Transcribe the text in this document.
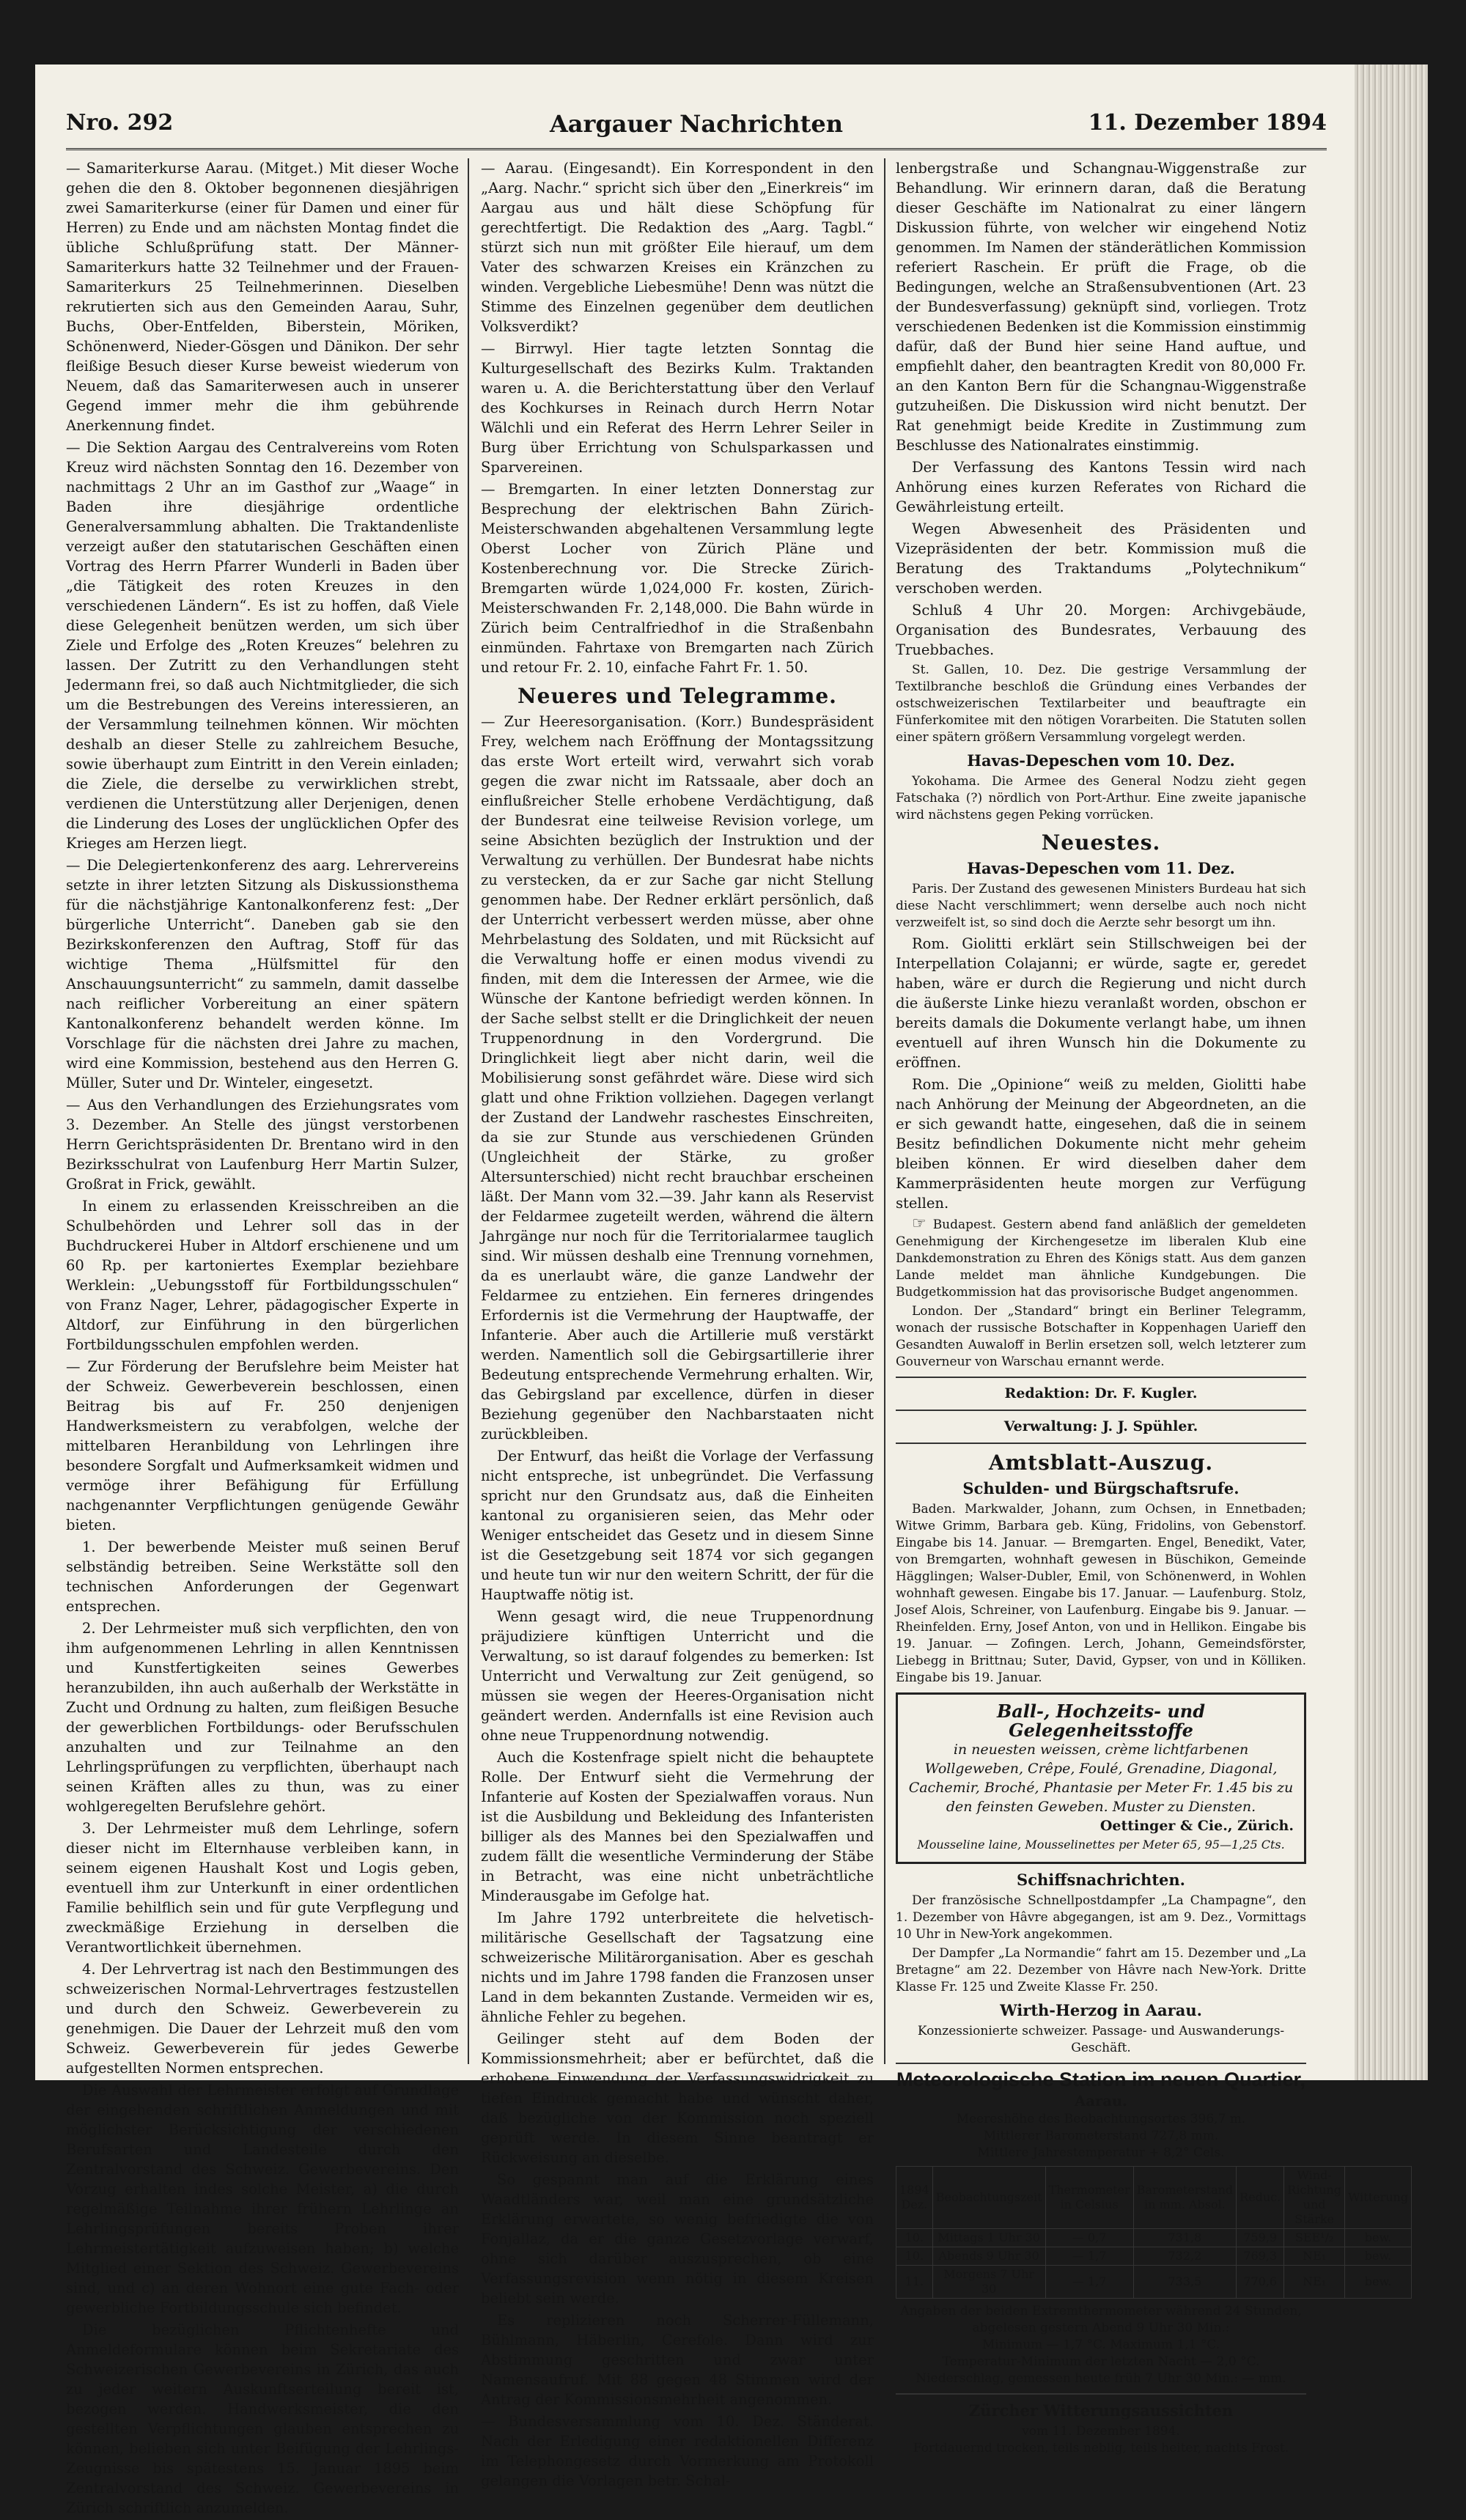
Aargauer Nachrichten
Nro. 292	11. Dezember 1894

— Samariterkurse Aarau. (Mitget.) Mit dieser Woche gehen die den 8. Oktober begonnenen diesjährigen zwei Samariterkurse (einer für Damen und einer für Herren) zu Ende und am nächsten Montag findet die übliche Schlußprüfung statt. Der Männer-Samariterkurs hatte 32 Teilnehmer und der Frauen-Samariterkurs 25 Teilnehmerinnen. Dieselben rekrutierten sich aus den Gemeinden Aarau, Suhr, Buchs, Ober-Entfelden, Biberstein, Möriken, Schönenwerd, Nieder-Gösgen und Dänikon. Der sehr fleißige Besuch dieser Kurse beweist wiederum von Neuem, daß das Samariterwesen auch in unserer Gegend immer mehr die ihm gebührende Anerkennung findet.

— Die Sektion Aargau des Centralvereins vom Roten Kreuz wird nächsten Sonntag den 16. Dezember von nachmittags 2 Uhr an im Gasthof zur „Waage“ in Baden ihre diesjährige ordentliche Generalversammlung abhalten. Die Traktandenliste verzeigt außer den statutarischen Geschäften einen Vortrag des Herrn Pfarrer Wunderli in Baden über „die Tätigkeit des roten Kreuzes in den verschiedenen Ländern“. Es ist zu hoffen, daß Viele diese Gelegenheit benützen werden, um sich über Ziele und Erfolge des „Roten Kreuzes“ belehren zu lassen. Der Zutritt zu den Verhandlungen steht Jedermann frei, so daß auch Nichtmitglieder, die sich um die Bestrebungen des Vereins interessieren, an der Versammlung teilnehmen können. Wir möchten deshalb an dieser Stelle zu zahlreichem Besuche, sowie überhaupt zum Eintritt in den Verein einladen; die Ziele, die derselbe zu verwirklichen strebt, verdienen die Unterstützung aller Derjenigen, denen die Linderung des Loses der unglücklichen Opfer des Krieges am Herzen liegt.

— Die Delegiertenkonferenz des aarg. Lehrervereins setzte in ihrer letzten Sitzung als Diskussionsthema für die nächstjährige Kantonalkonferenz fest: „Der bürgerliche Unterricht“. Daneben gab sie den Bezirkskonferenzen den Auftrag, Stoff für das wichtige Thema „Hülfsmittel für den Anschauungsunterricht“ zu sammeln, damit dasselbe nach reiflicher Vorbereitung an einer spätern Kantonalkonferenz behandelt werden könne. Im Vorschlage für die nächsten drei Jahre zu machen, wird eine Kommission, bestehend aus den Herren G. Müller, Suter und Dr. Winteler, eingesetzt.

— Aus den Verhandlungen des Erziehungsrates vom 3. Dezember. An Stelle des jüngst verstorbenen Herrn Gerichtspräsidenten Dr. Brentano wird in den Bezirksschulrat von Laufenburg Herr Martin Sulzer, Großrat in Frick, gewählt.

In einem zu erlassenden Kreisschreiben an die Schulbehörden und Lehrer soll das in der Buchdruckerei Huber in Altdorf erschienene und um 60 Rp. per kartoniertes Exemplar beziehbare Werklein: „Uebungsstoff für Fortbildungsschulen“ von Franz Nager, Lehrer, pädagogischer Experte in Altdorf, zur Einführung in den bürgerlichen Fortbildungsschulen empfohlen werden.

— Zur Förderung der Berufslehre beim Meister hat der Schweiz. Gewerbeverein beschlossen, einen Beitrag bis auf Fr. 250 denjenigen Handwerksmeistern zu verabfolgen, welche der mittelbaren Heranbildung von Lehrlingen ihre besondere Sorgfalt und Aufmerksamkeit widmen und vermöge ihrer Befähigung für Erfüllung nachgenannter Verpflichtungen genügende Gewähr bieten.

1. Der bewerbende Meister muß seinen Beruf selbständig betreiben. Seine Werkstätte soll den technischen Anforderungen der Gegenwart entsprechen.

2. Der Lehrmeister muß sich verpflichten, den von ihm aufgenommenen Lehrling in allen Kenntnissen und Kunstfertigkeiten seines Gewerbes heranzubilden, ihn auch außerhalb der Werkstätte in Zucht und Ordnung zu halten, zum fleißigen Besuche der gewerblichen Fortbildungs- oder Berufsschulen anzuhalten und zur Teilnahme an den Lehrlingsprüfungen zu verpflichten, überhaupt nach seinen Kräften alles zu thun, was zu einer wohlgeregelten Berufslehre gehört.

3. Der Lehrmeister muß dem Lehrlinge, sofern dieser nicht im Elternhause verbleiben kann, in seinem eigenen Haushalt Kost und Logis geben, eventuell ihm zur Unterkunft in einer ordentlichen Familie behilflich sein und für gute Verpflegung und zweckmäßige Erziehung in derselben die Verantwortlichkeit übernehmen.

4. Der Lehrvertrag ist nach den Bestimmungen des schweizerischen Normal-Lehrvertrages festzustellen und durch den Schweiz. Gewerbeverein zu genehmigen. Die Dauer der Lehrzeit muß den vom Schweiz. Gewerbeverein für jedes Gewerbe aufgestellten Normen entsprechen.

Die Auswahl der Lehrmeister erfolgt auf Grundlage der eingehenden schriftlichen Anmeldungen und mit möglichster Berücksichtigung der verschiedenen Berufsarten und Landesteile durch den Zentralvorstand des Schweiz. Gewerbevereins. Den Vorzug erhalten indes solche Meister, a) die durch regelmäßige Teilnahme ihrer frühern Lehrlinge an Lehrlingsprüfungen bereits Proben ihrer Lehrmeistertätigkeit aufzuweisen haben; b) welche Mitglied einer Sektion des Schweiz. Gewerbevereins sind, und c) an deren Wohnort eine gute Fach- oder gewerbliche Fortbildungsschule sich befindet.

Die bezüglichen Pflichtenhefte und Anmeldeformulare können beim Sekretariate des Schweizerischen Gewerbevereins in Zürich, das auch zu jeder weitern Auskunftserteilung bereit ist, bezogen werden. Handwerksmeister, die den gestellten Verpflichtungen glauben entsprechen zu können, belieben sich unter Beifügung der Lehrlings-Zeugnisse bis spätestens 15. Januar 1895 beim Zentralvorstand des Schweiz. Gewerbevereins in Zürich schriftlich anzumelden.

— Aarau. (Eingesandt). Ein Korrespondent in den „Aarg. Nachr.“ spricht sich über den „Einerkreis“ im Aargau aus und hält diese Schöpfung für gerechtfertigt. Die Redaktion des „Aarg. Tagbl.“ stürzt sich nun mit größter Eile hierauf, um dem Vater des schwarzen Kreises ein Kränzchen zu winden. Vergebliche Liebesmühe! Denn was nützt die Stimme des Einzelnen gegenüber dem deutlichen Volksverdikt?

— Birrwyl. Hier tagte letzten Sonntag die Kulturgesellschaft des Bezirks Kulm. Traktanden waren u. A. die Berichterstattung über den Verlauf des Kochkurses in Reinach durch Herrn Notar Wälchli und ein Referat des Herrn Lehrer Seiler in Burg über Errichtung von Schulsparkassen und Sparvereinen.

— Bremgarten. In einer letzten Donnerstag zur Besprechung der elektrischen Bahn Zürich-Meisterschwanden abgehaltenen Versammlung legte Oberst Locher von Zürich Pläne und Kostenberechnung vor. Die Strecke Zürich-Bremgarten würde 1,024,000 Fr. kosten, Zürich-Meisterschwanden Fr. 2,148,000. Die Bahn würde in Zürich beim Centralfriedhof in die Straßenbahn einmünden. Fahrtaxe von Bremgarten nach Zürich und retour Fr. 2. 10, einfache Fahrt Fr. 1. 50.

Neueres und Telegramme.

— Zur Heeresorganisation. (Korr.) Bundespräsident Frey, welchem nach Eröffnung der Montagssitzung das erste Wort erteilt wird, verwahrt sich vorab gegen die zwar nicht im Ratssaale, aber doch an einflußreicher Stelle erhobene Verdächtigung, daß der Bundesrat eine teilweise Revision vorlege, um seine Absichten bezüglich der Instruktion und der Verwaltung zu verhüllen. Der Bundesrat habe nichts zu verstecken, da er zur Sache gar nicht Stellung genommen habe. Der Redner erklärt persönlich, daß der Unterricht verbessert werden müsse, aber ohne Mehrbelastung des Soldaten, und mit Rücksicht auf die Verwaltung hoffe er einen modus vivendi zu finden, mit dem die Interessen der Armee, wie die Wünsche der Kantone befriedigt werden können. In der Sache selbst stellt er die Dringlichkeit der neuen Truppenordnung in den Vordergrund. Die Dringlichkeit liegt aber nicht darin, weil die Mobilisierung sonst gefährdet wäre. Diese wird sich glatt und ohne Friktion vollziehen. Dagegen verlangt der Zustand der Landwehr raschestes Einschreiten, da sie zur Stunde aus verschiedenen Gründen (Ungleichheit der Stärke, zu großer Altersunterschied) nicht recht brauchbar erscheinen läßt. Der Mann vom 32.—39. Jahr kann als Reservist der Feldarmee zugeteilt werden, während die ältern Jahrgänge nur noch für die Territorialarmee tauglich sind. Wir müssen deshalb eine Trennung vornehmen, da es unerlaubt wäre, die ganze Landwehr der Feldarmee zu entziehen. Ein ferneres dringendes Erfordernis ist die Vermehrung der Hauptwaffe, der Infanterie. Aber auch die Artillerie muß verstärkt werden. Namentlich soll die Gebirgsartillerie ihrer Bedeutung entsprechende Vermehrung erhalten. Wir, das Gebirgsland par excellence, dürfen in dieser Beziehung gegenüber den Nachbarstaaten nicht zurückbleiben.

Der Entwurf, das heißt die Vorlage der Verfassung nicht entspreche, ist unbegründet. Die Verfassung spricht nur den Grundsatz aus, daß die Einheiten kantonal zu organisieren seien, das Mehr oder Weniger entscheidet das Gesetz und in diesem Sinne ist die Gesetzgebung seit 1874 vor sich gegangen und heute tun wir nur den weitern Schritt, der für die Hauptwaffe nötig ist.

Wenn gesagt wird, die neue Truppenordnung präjudiziere künftigen Unterricht und die Verwaltung, so ist darauf folgendes zu bemerken: Ist Unterricht und Verwaltung zur Zeit genügend, so müssen sie wegen der Heeres-Organisation nicht geändert werden. Andernfalls ist eine Revision auch ohne neue Truppenordnung notwendig.

Auch die Kostenfrage spielt nicht die behauptete Rolle. Der Entwurf sieht die Vermehrung der Infanterie auf Kosten der Spezialwaffen voraus. Nun ist die Ausbildung und Bekleidung des Infanteristen billiger als des Mannes bei den Spezialwaffen und zudem fällt die wesentliche Verminderung der Stäbe in Betracht, was eine nicht unbeträchtliche Minderausgabe im Gefolge hat.

Im Jahre 1792 unterbreitete die helvetisch-militärische Gesellschaft der Tagsatzung eine schweizerische Militärorganisation. Aber es geschah nichts und im Jahre 1798 fanden die Franzosen unser Land in dem bekannten Zustande. Vermeiden wir es, ähnliche Fehler zu begehen.

Geilinger steht auf dem Boden der Kommissionsmehrheit; aber er befürchtet, daß die erhobene Einwendung der Verfassungswidrigkeit zu tiefen Eindruck gemacht habe und wünscht daher, daß bezügliche von der Kommission noch speziell geprüft werde. In diesem Sinne beantragt er Rückweisung an dieselbe.

So gespannt man auf die Erklärung eines Waadtländers war, weil man eine grundsätzliche Erklärung erwartete, so wenig befriedigte die von Fonjallaz, da er die ganze Gesetzvorlage verwarf, ohne sich darüber auszusprechen, ob eine Verfassungsrevision wenn nötig in diesem Kreisen beliebt sein werde.

Es replizieren noch Scherrer-Füllemann, Bühlmann, Häberlin, Cerefole. Dann wird zur Abstimmung geschritten und zwar unter Namensaufruf. Mit 88 gegen 48 Stimmen wird der Antrag der Kommissionsmehrheit angenommen.

— Bundesversammlung vom 10. Dez. Ständerat. Nach der Erledigung einer redaktionellen Differenz im Telephongesetz durch Vormerkung am Protokoll gelangen die Vorlagen betr. Schal-

lenbergstraße und Schangnau-Wiggenstraße zur Behandlung. Wir erinnern daran, daß die Beratung dieser Geschäfte im Nationalrat zu einer längern Diskussion führte, von welcher wir eingehend Notiz genommen. Im Namen der ständerätlichen Kommission referiert Raschein. Er prüft die Frage, ob die Bedingungen, welche an Straßensubventionen (Art. 23 der Bundesverfassung) geknüpft sind, vorliegen. Trotz verschiedenen Bedenken ist die Kommission einstimmig dafür, daß der Bund hier seine Hand auftue, und empfiehlt daher, den beantragten Kredit von 80,000 Fr. an den Kanton Bern für die Schangnau-Wiggenstraße gutzuheißen. Die Diskussion wird nicht benutzt. Der Rat genehmigt beide Kredite in Zustimmung zum Beschlusse des Nationalrates einstimmig.

Der Verfassung des Kantons Tessin wird nach Anhörung eines kurzen Referates von Richard die Gewährleistung erteilt.

Wegen Abwesenheit des Präsidenten und Vizepräsidenten der betr. Kommission muß die Beratung des Traktandums „Polytechnikum“ verschoben werden.

Schluß 4 Uhr 20. Morgen: Archivgebäude, Organisation des Bundesrates, Verbauung des Truebbaches.

St. Gallen, 10. Dez. Die gestrige Versammlung der Textilbranche beschloß die Gründung eines Verbandes der ostschweizerischen Textilarbeiter und beauftragte ein Fünferkomitee mit den nötigen Vorarbeiten. Die Statuten sollen einer spätern größern Versammlung vorgelegt werden.

Havas-Depeschen vom 10. Dez.

Yokohama. Die Armee des General Nodzu zieht gegen Fatschaka (?) nördlich von Port-Arthur. Eine zweite japanische wird nächstens gegen Peking vorrücken.

Neuestes.
Havas-Depeschen vom 11. Dez.

Paris. Der Zustand des gewesenen Ministers Burdeau hat sich diese Nacht verschlimmert; wenn derselbe auch noch nicht verzweifelt ist, so sind doch die Aerzte sehr besorgt um ihn.

Rom. Giolitti erklärt sein Stillschweigen bei der Interpellation Colajanni; er würde, sagte er, geredet haben, wäre er durch die Regierung und nicht durch die äußerste Linke hiezu veranlaßt worden, obschon er bereits damals die Dokumente verlangt habe, um ihnen eventuell auf ihren Wunsch hin die Dokumente zu eröffnen.

Rom. Die „Opinione“ weiß zu melden, Giolitti habe nach Anhörung der Meinung der Abgeordneten, an die er sich gewandt hatte, eingesehen, daß die in seinem Besitz befindlichen Dokumente nicht mehr geheim bleiben können. Er wird dieselben daher dem Kammerpräsidenten heute morgen zur Verfügung stellen.

☞ Budapest. Gestern abend fand anläßlich der gemeldeten Genehmigung der Kirchengesetze im liberalen Klub eine Dankdemonstration zu Ehren des Königs statt. Aus dem ganzen Lande meldet man ähnliche Kundgebungen. Die Budgetkommission hat das provisorische Budget angenommen.

London. Der „Standard“ bringt ein Berliner Telegramm, wonach der russische Botschafter in Koppenhagen Uarieff den Gesandten Auwaloff in Berlin ersetzen soll, welch letzterer zum Gouverneur von Warschau ernannt werde.

Redaktion: Dr. F. Kugler.
Verwaltung: J. J. Spühler.
Amtsblatt-Auszug.
Schulden- und Bürgschaftsrufe.

Baden. Markwalder, Johann, zum Ochsen, in Ennetbaden; Witwe Grimm, Barbara geb. Küng, Fridolins, von Gebenstorf. Eingabe bis 14. Januar. — Bremgarten. Engel, Benedikt, Vater, von Bremgarten, wohnhaft gewesen in Büschikon, Gemeinde Hägglingen; Walser-Dubler, Emil, von Schönenwerd, in Wohlen wohnhaft gewesen. Eingabe bis 17. Januar. — Laufenburg. Stolz, Josef Alois, Schreiner, von Laufenburg. Eingabe bis 9. Januar. — Rheinfelden. Erny, Josef Anton, von und in Hellikon. Eingabe bis 19. Januar. — Zofingen. Lerch, Johann, Gemeindsförster, Liebegg in Brittnau; Suter, David, Gypser, von und in Kölliken. Eingabe bis 19. Januar.

Ball-, Hochzeits- und Gelegenheitsstoffe
in neuesten weissen, crème lichtfarbenen Wollgeweben, Crêpe, Foulé, Grenadine, Diagonal, Cachemir, Broché, Phantasie per Meter Fr. 1.45 bis zu den feinsten Geweben. Muster zu Diensten.
Oettinger & Cie., Zürich.
Mousseline laine, Mousselinettes per Meter 65, 95—1,25 Cts.
Schiffsnachrichten.

Der französische Schnellpostdampfer „La Champagne“, den 1. Dezember von Hâvre abgegangen, ist am 9. Dez., Vormittags 10 Uhr in New-York angekommen.

Der Dampfer „La Normandie“ fahrt am 15. Dezember und „La Bretagne“ am 22. Dezember von Hâvre nach New-York. Dritte Klasse Fr. 125 und Zweite Klasse Fr. 250.

Wirth-Herzog in Aarau.
Konzessionierte schweizer. Passage- und Auswanderungs-Geschäft.
Meteorologische Station im neuen Quartier,
Aarau.
Meereshöhe des Beobachtungsortes 396,7 m.
Mittlerer Barometerstand 727,8 mm.
Mittlere Jahrestemperatur + 8,2° Cels.
1894 Dez.	Beobachtungszeit	Thermometer in Celsius	Barometerstand in mm. Absol.	Reduc.	Wind-Richtung und Stärke	Witterung
10.	Mittags 1 Uhr 30	— 0,7	731,8	759,9	SEE¹/₂	bew.
10.	Abends 9 Uhr 30	— 1,7	732,2	769,3	NE₁	bew.
11.	Morgens 7 Uhr 30	— 1,7	733,5	770,6	NE₁	bew.
Angaben der beiden Extremthermometer während 24 Stunden, abgelesen gestern Abend 9 Uhr 30 Min.:
Minimum — 1,7 °C. Maximum 1,1 °C.
Temperatur-Minimum der letzten Nacht — 2,0 °C.
Niederschlag, gemessen heute früh 7 Uhr 30 Min.: — mm.
Zürcher Witterungsaussichten
vom 11. Dezember 1894.
Fortdauernd trocken, teils neblig, teils heiter, nachts Frost.
